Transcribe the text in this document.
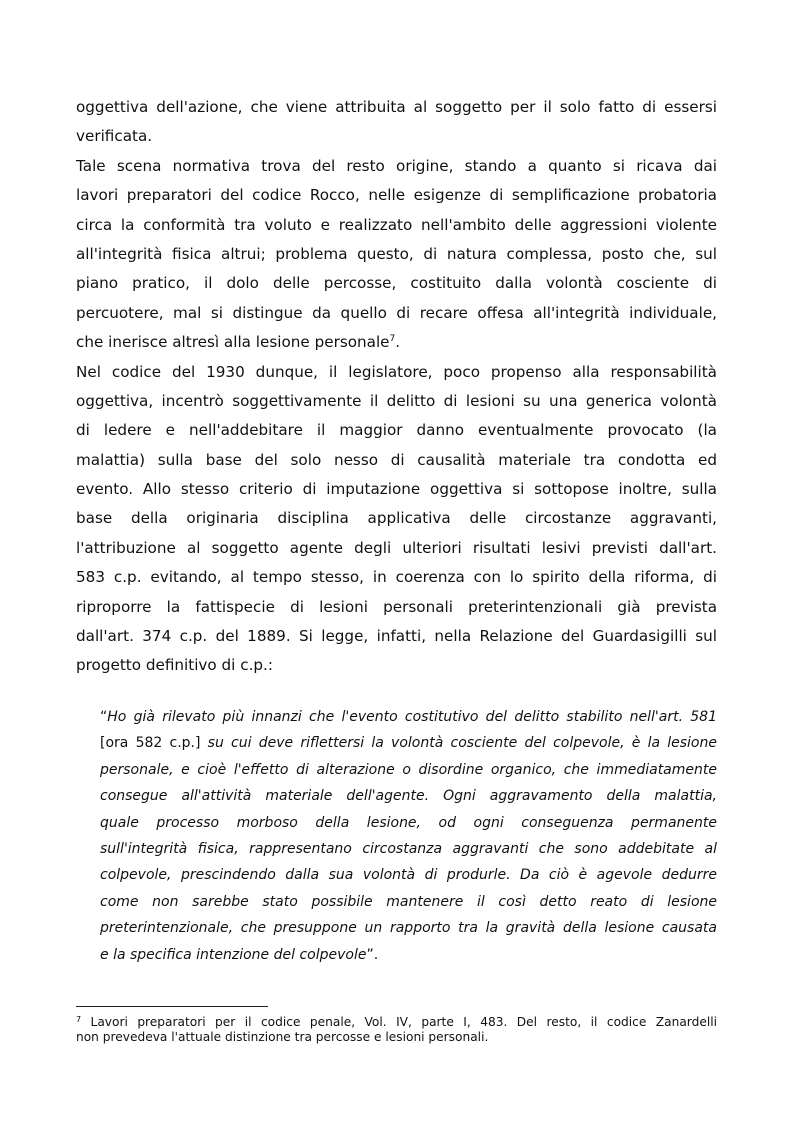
oggettiva dell'azione, che viene attribuita al soggetto per il solo fatto di essersi
verificata.
Tale scena normativa trova del resto origine, stando a quanto si ricava dai
lavori preparatori del codice Rocco, nelle esigenze di semplificazione probatoria
circa la conformità tra voluto e realizzato nell'ambito delle aggressioni violente
all'integrità fisica altrui; problema questo, di natura complessa, posto che, sul
piano pratico, il dolo delle percosse, costituito dalla volontà cosciente di
percuotere, mal si distingue da quello di recare offesa all'integrità individuale,
che inerisce altresì alla lesione personale$^7$.
Nel codice del 1930 dunque, il legislatore, poco propenso alla responsabilità
oggettiva, incentrò soggettivamente il delitto di lesioni su una generica volontà
di ledere e nell'addebitare il maggior danno eventualmente provocato (la
malattia) sulla base del solo nesso di causalità materiale tra condotta ed
evento. Allo stesso criterio di imputazione oggettiva si sottopose inoltre, sulla
base della originaria disciplina applicativa delle circostanze aggravanti,
l'attribuzione al soggetto agente degli ulteriori risultati lesivi previsti dall'art.
583 c.p. evitando, al tempo stesso, in coerenza con lo spirito della riforma, di
riproporre la fattispecie di lesioni personali preterintenzionali già prevista
dall'art. 374 c.p. del 1889. Si legge, infatti, nella Relazione del Guardasigilli sul
progetto definitivo di c.p.:
“Ho già rilevato più innanzi che l'evento costitutivo del delitto stabilito nell'art. 581
[ora 582 c.p.] su cui deve riflettersi la volontà cosciente del colpevole, è la lesione
personale, e cioè l'effetto di alterazione o disordine organico, che immediatamente
consegue all'attività materiale dell'agente. Ogni aggravamento della malattia,
quale processo morboso della lesione, od ogni conseguenza permanente
sull'integrità fisica, rappresentano circostanza aggravanti che sono addebitate al
colpevole, prescindendo dalla sua volontà di produrle. Da ciò è agevole dedurre
come non sarebbe stato possibile mantenere il così detto reato di lesione
preterintenzionale, che presuppone un rapporto tra la gravità della lesione causata
e la specifica intenzione del colpevole”.
$^7$ Lavori preparatori per il codice penale, Vol. IV, parte I, 483. Del resto, il codice Zanardelli
non prevedeva l'attuale distinzione tra percosse e lesioni personali.
